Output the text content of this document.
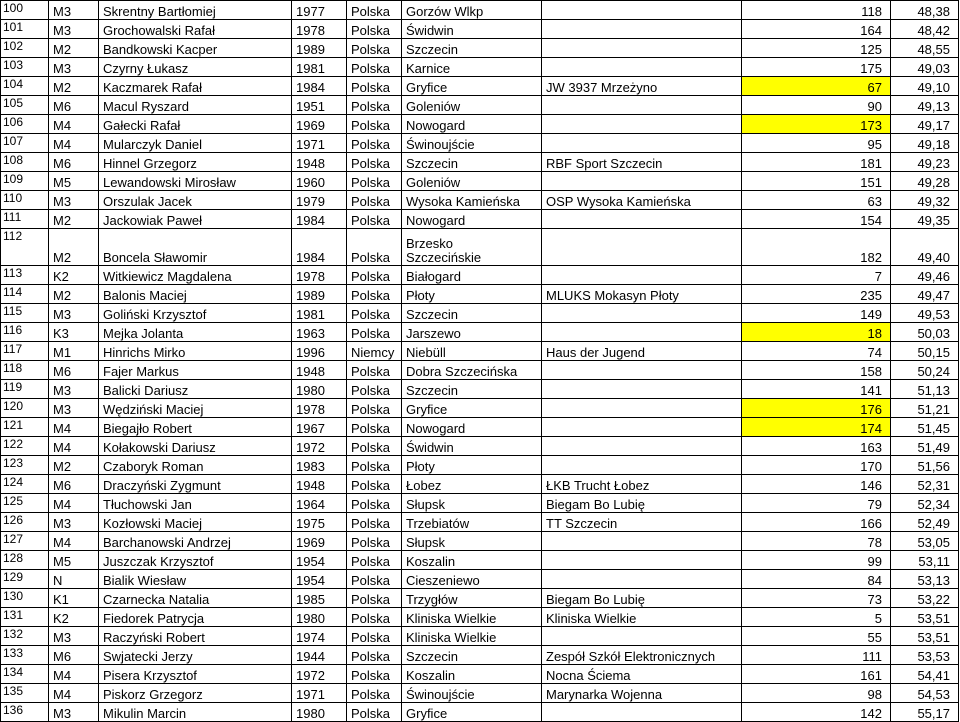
100	M3	Skrentny Bartłomiej	1977	Polska	Gorzów Wlkp		118	48,38
101	M3	Grochowalski Rafał	1978	Polska	Świdwin		164	48,42
102	M2	Bandkowski Kacper	1989	Polska	Szczecin		125	48,55
103	M3	Czyrny Łukasz	1981	Polska	Karnice		175	49,03
104	M2	Kaczmarek Rafał	1984	Polska	Gryfice	JW 3937 Mrzeżyno	67	49,10
105	M6	Macul Ryszard	1951	Polska	Goleniów		90	49,13
106	M4	Gałecki Rafał	1969	Polska	Nowogard		173	49,17
107	M4	Mularczyk Daniel	1971	Polska	Świnoujście		95	49,18
108	M6	Hinnel Grzegorz	1948	Polska	Szczecin	RBF Sport Szczecin	181	49,23
109	M5	Lewandowski Mirosław	1960	Polska	Goleniów		151	49,28
110	M3	Orszulak Jacek	1979	Polska	Wysoka Kamieńska	OSP Wysoka Kamieńska	63	49,32
111	M2	Jackowiak Paweł	1984	Polska	Nowogard		154	49,35
112	M2	Boncela Sławomir	1984	Polska	Brzesko
Szczecińskie		182	49,40
113	K2	Witkiewicz Magdalena	1978	Polska	Białogard		7	49,46
114	M2	Balonis Maciej	1989	Polska	Płoty	MLUKS Mokasyn Płoty	235	49,47
115	M3	Goliński Krzysztof	1981	Polska	Szczecin		149	49,53
116	K3	Mejka Jolanta	1963	Polska	Jarszewo		18	50,03
117	M1	Hinrichs Mirko	1996	Niemcy	Niebüll	Haus der Jugend	74	50,15
118	M6	Fajer Markus	1948	Polska	Dobra Szczecińska		158	50,24
119	M3	Balicki Dariusz	1980	Polska	Szczecin		141	51,13
120	M3	Wędziński Maciej	1978	Polska	Gryfice		176	51,21
121	M4	Biegajło Robert	1967	Polska	Nowogard		174	51,45
122	M4	Kołakowski Dariusz	1972	Polska	Świdwin		163	51,49
123	M2	Czaboryk Roman	1983	Polska	Płoty		170	51,56
124	M6	Draczyński Zygmunt	1948	Polska	Łobez	ŁKB Trucht Łobez	146	52,31
125	M4	Tłuchowski Jan	1964	Polska	Słupsk	Biegam Bo Lubię	79	52,34
126	M3	Kozłowski Maciej	1975	Polska	Trzebiatów	TT Szczecin	166	52,49
127	M4	Barchanowski Andrzej	1969	Polska	Słupsk		78	53,05
128	M5	Juszczak Krzysztof	1954	Polska	Koszalin		99	53,11
129	N	Bialik Wiesław	1954	Polska	Cieszeniewo		84	53,13
130	K1	Czarnecka Natalia	1985	Polska	Trzygłów	Biegam Bo Lubię	73	53,22
131	K2	Fiedorek Patrycja	1980	Polska	Kliniska Wielkie	Kliniska Wielkie	5	53,51
132	M3	Raczyński Robert	1974	Polska	Kliniska Wielkie		55	53,51
133	M6	Swjatecki Jerzy	1944	Polska	Szczecin	Zespół Szkół Elektronicznych	111	53,53
134	M4	Pisera Krzysztof	1972	Polska	Koszalin	Nocna Ściema	161	54,41
135	M4	Piskorz Grzegorz	1971	Polska	Świnoujście	Marynarka Wojenna	98	54,53
136	M3	Mikulin Marcin	1980	Polska	Gryfice		142	55,17
